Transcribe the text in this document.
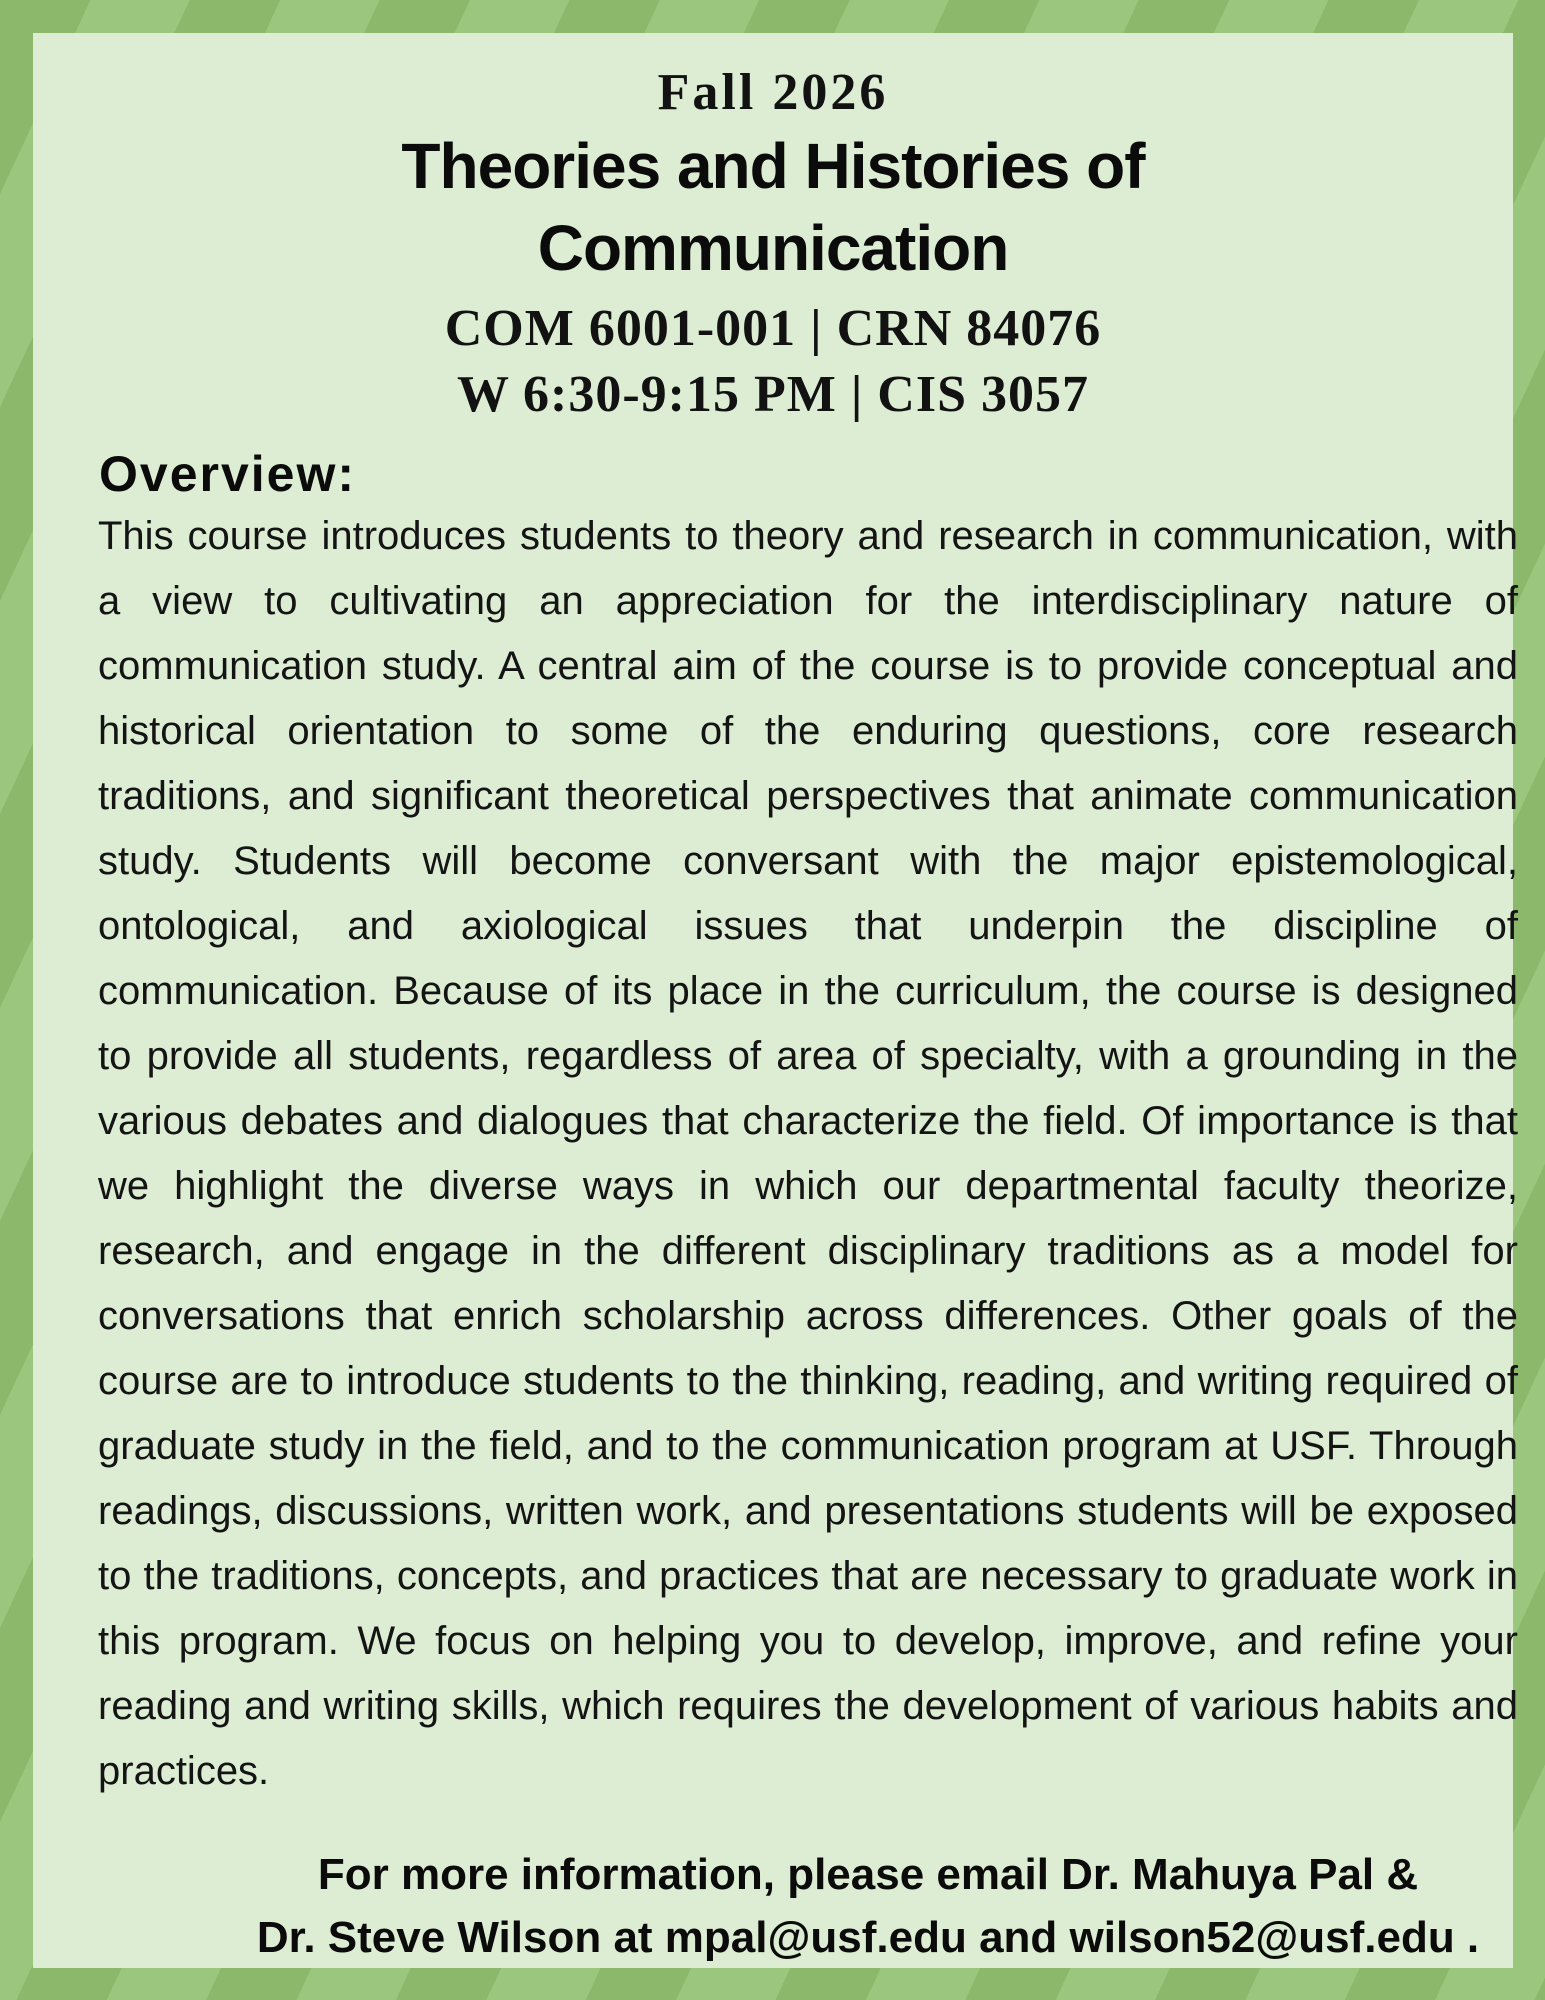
Fall 2026
Theories and Histories of
Communication
COM 6001-001 | CRN 84076
W 6:30-9:15 PM | CIS 3057
Overview:

This course introduces students to theory and research in communication, with a view to cultivating an appreciation for the interdisciplinary nature of communication study. A central aim of the course is to provide conceptual and historical orientation to some of the enduring questions, core research traditions, and significant theoretical perspectives that animate communication study. Students will become conversant with the major epistemological, ontological, and axiological issues that underpin the discipline of communication. Because of its place in the curriculum, the course is designed to provide all students, regardless of area of specialty, with a grounding in the various debates and dialogues that characterize the field. Of importance is that we highlight the diverse ways in which our departmental faculty theorize, research, and engage in the different disciplinary traditions as a model for conversations that enrich scholarship across differences. Other goals of the course are to introduce students to the thinking, reading, and writing required of graduate study in the field, and to the communication program at USF. Through readings, discussions, written work, and presentations students will be exposed to the traditions, concepts, and practices that are necessary to graduate work in this program. We focus on helping you to develop, improve, and refine your reading and writing skills, which requires the development of various habits and practices.

For more information, please email Dr. Mahuya Pal &
Dr. Steve Wilson at mpal@usf.edu and wilson52@usf.edu .
